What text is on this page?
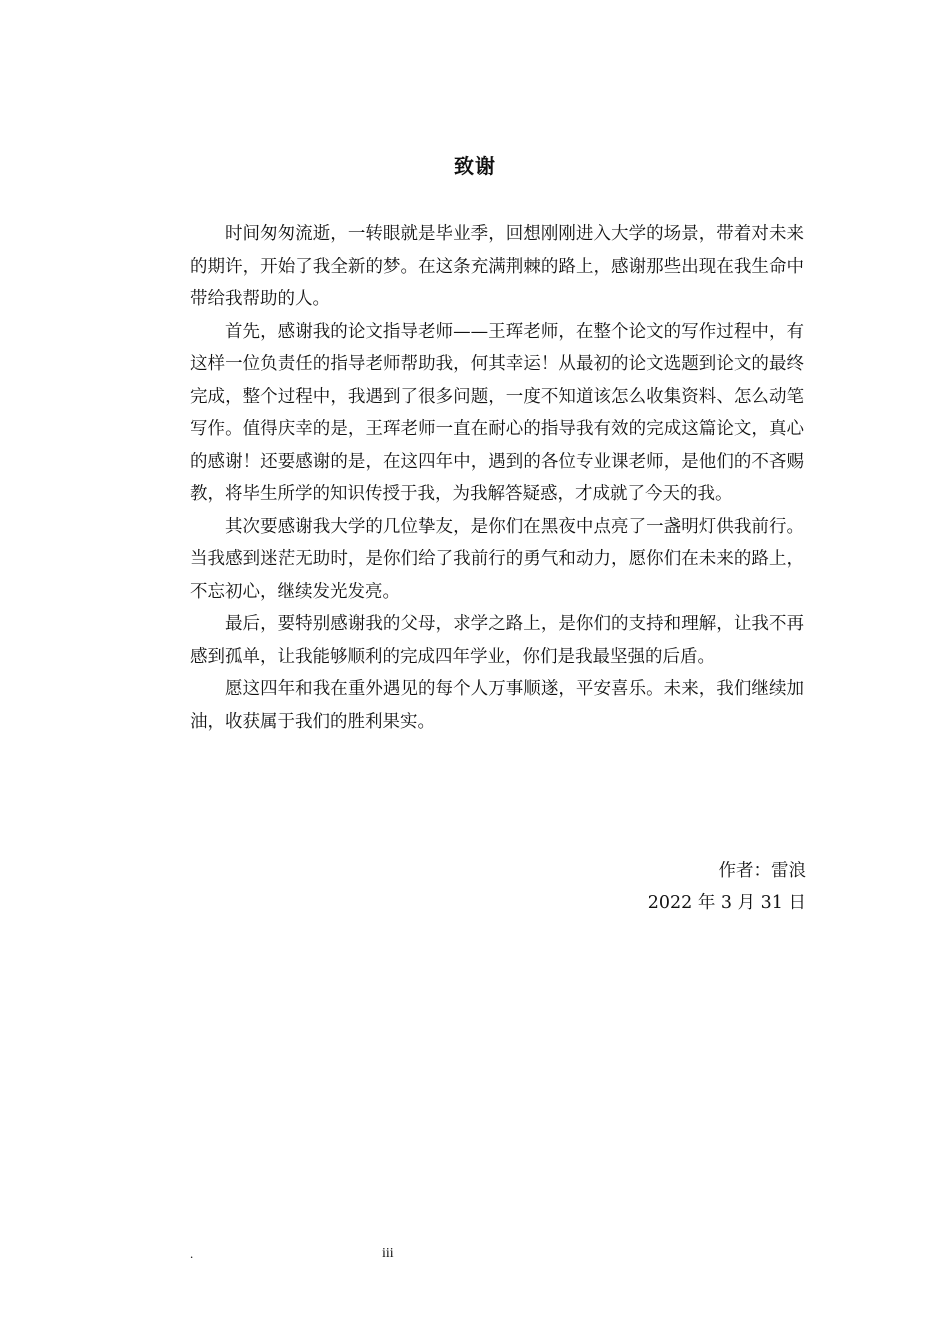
致谢

时间匆匆流逝，一转眼就是毕业季，回想刚刚进入大学的场景，带着对未来的期许，开始了我全新的梦。在这条充满荆棘的路上，感谢那些出现在我生命中带给我帮助的人。

首先，感谢我的论文指导老师——王珲老师，在整个论文的写作过程中，有这样一位负责任的指导老师帮助我，何其幸运！从最初的论文选题到论文的最终完成，整个过程中，我遇到了很多问题，一度不知道该怎么收集资料、怎么动笔写作。值得庆幸的是，王珲老师一直在耐心的指导我有效的完成这篇论文，真心的感谢！还要感谢的是，在这四年中，遇到的各位专业课老师，是他们的不吝赐教，将毕生所学的知识传授于我，为我解答疑惑，才成就了今天的我。

其次要感谢我大学的几位挚友，是你们在黑夜中点亮了一盏明灯供我前行。当我感到迷茫无助时，是你们给了我前行的勇气和动力，愿你们在未来的路上，不忘初心，继续发光发亮。

最后，要特别感谢我的父母，求学之路上，是你们的支持和理解，让我不再感到孤单，让我能够顺利的完成四年学业，你们是我最坚强的后盾。

愿这四年和我在重外遇见的每个人万事顺遂，平安喜乐。未来，我们继续加油，收获属于我们的胜利果实。

作者：雷浪
2022 年 3 月 31 日
.	iii
